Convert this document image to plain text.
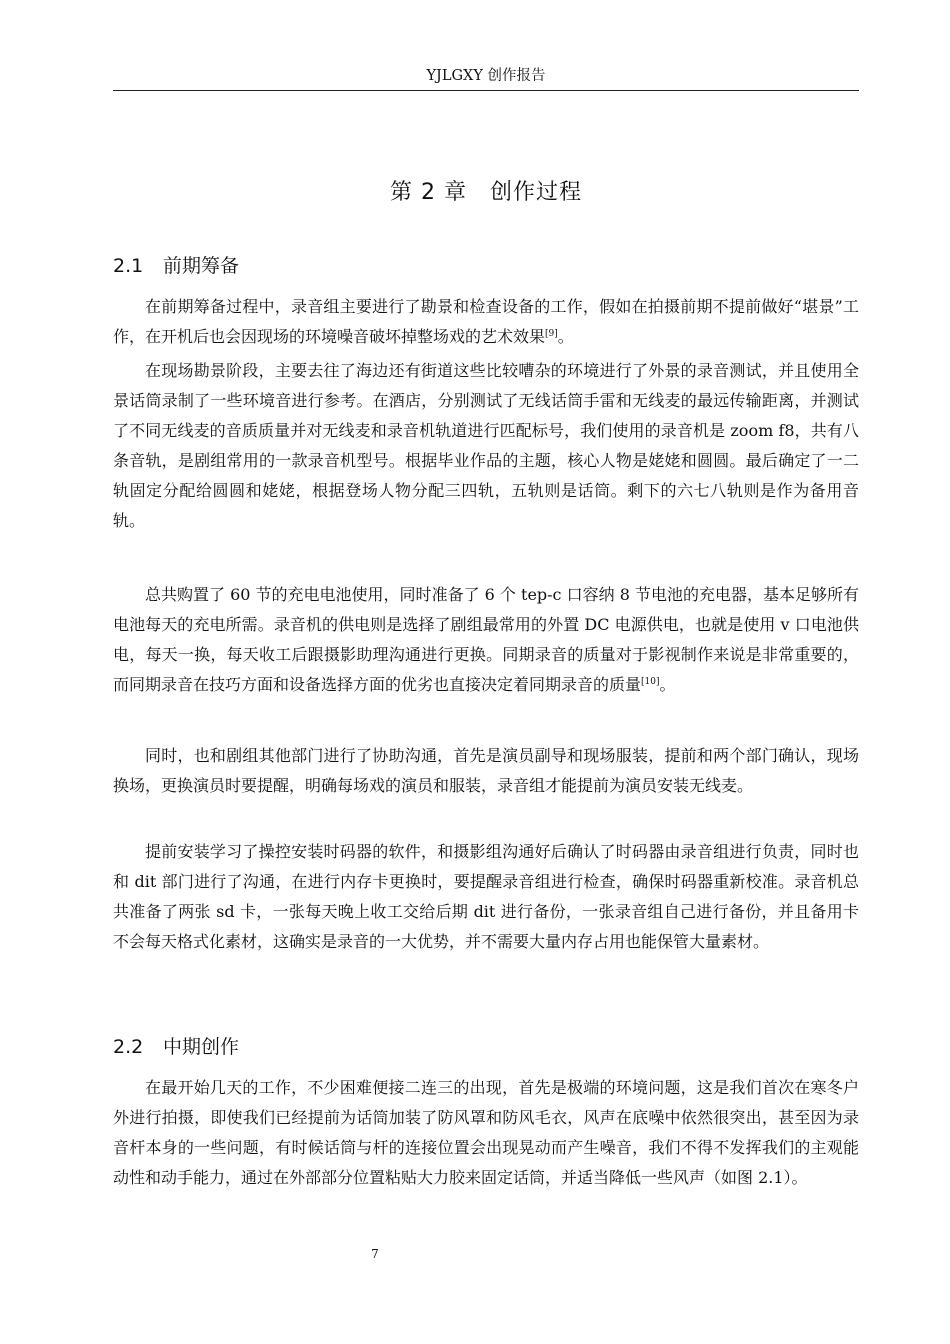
YJLGXY 创作报告
第 2 章　创作过程
2.1 前期筹备

在前期筹备过程中，录音组主要进行了勘景和检查设备的工作，假如在拍摄前期不提前做好“堪景”工作，在开机后也会因现场的环境噪音破坏掉整场戏的艺术效果[9]。

在现场勘景阶段，主要去往了海边还有街道这些比较嘈杂的环境进行了外景的录音测试，并且使用全景话筒录制了一些环境音进行参考。在酒店，分别测试了无线话筒手雷和无线麦的最远传输距离，并测试了不同无线麦的音质质量并对无线麦和录音机轨道进行匹配标号，我们使用的录音机是 zoom f8，共有八条音轨，是剧组常用的一款录音机型号。根据毕业作品的主题，核心人物是姥姥和圆圆。最后确定了一二轨固定分配给圆圆和姥姥，根据登场人物分配三四轨，五轨则是话筒。剩下的六七八轨则是作为备用音轨。

总共购置了 60 节的充电电池使用，同时准备了 6 个 tep-c 口容纳 8 节电池的充电器，基本足够所有电池每天的充电所需。录音机的供电则是选择了剧组最常用的外置 DC 电源供电，也就是使用 v 口电池供电，每天一换，每天收工后跟摄影助理沟通进行更换。同期录音的质量对于影视制作来说是非常重要的，而同期录音在技巧方面和设备选择方面的优劣也直接决定着同期录音的质量[10]。

同时，也和剧组其他部门进行了协助沟通，首先是演员副导和现场服装，提前和两个部门确认，现场换场，更换演员时要提醒，明确每场戏的演员和服装，录音组才能提前为演员安装无线麦。

提前安装学习了操控安装时码器的软件，和摄影组沟通好后确认了时码器由录音组进行负责，同时也和 dit 部门进行了沟通，在进行内存卡更换时，要提醒录音组进行检查，确保时码器重新校准。录音机总共准备了两张 sd 卡，一张每天晚上收工交给后期 dit 进行备份，一张录音组自己进行备份，并且备用卡不会每天格式化素材，这确实是录音的一大优势，并不需要大量内存占用也能保管大量素材。

2.2 中期创作

在最开始几天的工作，不少困难便接二连三的出现，首先是极端的环境问题，这是我们首次在寒冬户外进行拍摄，即使我们已经提前为话筒加装了防风罩和防风毛衣，风声在底噪中依然很突出，甚至因为录音杆本身的一些问题，有时候话筒与杆的连接位置会出现晃动而产生噪音，我们不得不发挥我们的主观能动性和动手能力，通过在外部部分位置粘贴大力胶来固定话筒，并适当降低一些风声（如图 2.1）。

7
